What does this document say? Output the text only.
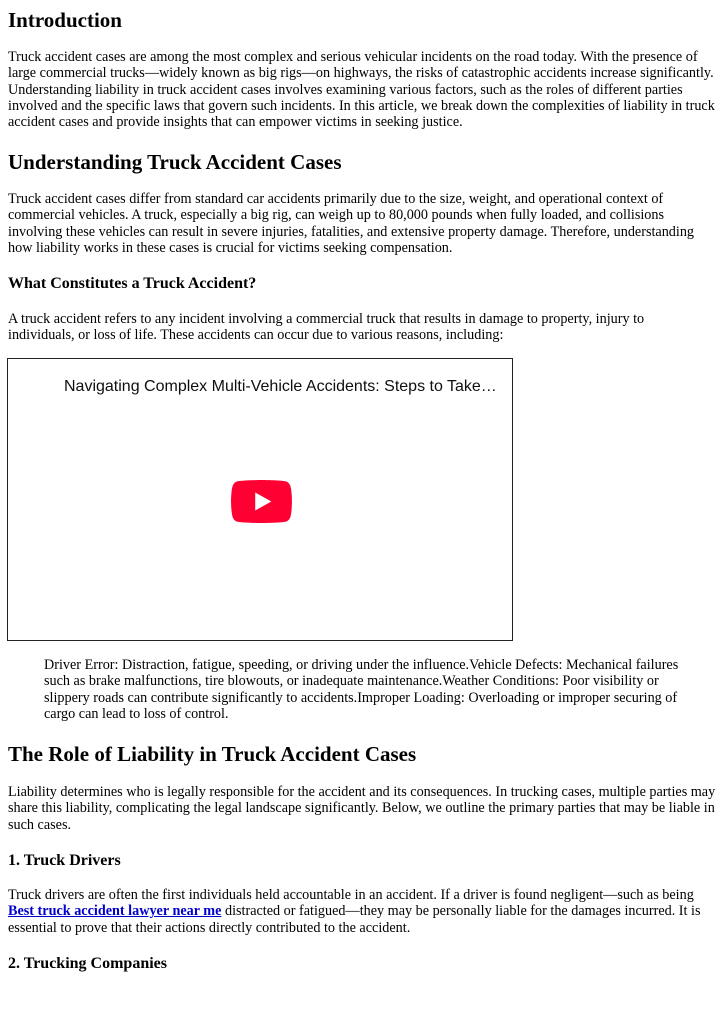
Introduction

Truck accident cases are among the most complex and serious vehicular incidents on the road today. With the presence of large commercial trucks—widely known as big rigs—on highways, the risks of catastrophic accidents increase significantly. Understanding liability in truck accident cases involves examining various factors, such as the roles of different parties involved and the specific laws that govern such incidents. In this article, we break down the complexities of liability in truck accident cases and provide insights that can empower victims in seeking justice.

Understanding Truck Accident Cases

Truck accident cases differ from standard car accidents primarily due to the size, weight, and operational context of commercial vehicles. A truck, especially a big rig, can weigh up to 80,000 pounds when fully loaded, and collisions involving these vehicles can result in severe injuries, fatalities, and extensive property damage. Therefore, understanding how liability works in these cases is crucial for victims seeking compensation.

What Constitutes a Truck Accident?

A truck accident refers to any incident involving a commercial truck that results in damage to property, injury to individuals, or loss of life. These accidents can occur due to various reasons, including:

Navigating Complex Multi-Vehicle Accidents: Steps to Take…

Driver Error: Distraction, fatigue, speeding, or driving under the influence.Vehicle Defects: Mechanical failures such as brake malfunctions, tire blowouts, or inadequate maintenance.Weather Conditions: Poor visibility or slippery roads can contribute significantly to accidents.Improper Loading: Overloading or improper securing of cargo can lead to loss of control.

The Role of Liability in Truck Accident Cases

Liability determines who is legally responsible for the accident and its consequences. In trucking cases, multiple parties may share this liability, complicating the legal landscape significantly. Below, we outline the primary parties that may be liable in such cases.

1. Truck Drivers

Truck drivers are often the first individuals held accountable in an accident. If a driver is found negligent—such as being Best truck accident lawyer near me distracted or fatigued—they may be personally liable for the damages incurred. It is essential to prove that their actions directly contributed to the accident.

2. Trucking Companies
